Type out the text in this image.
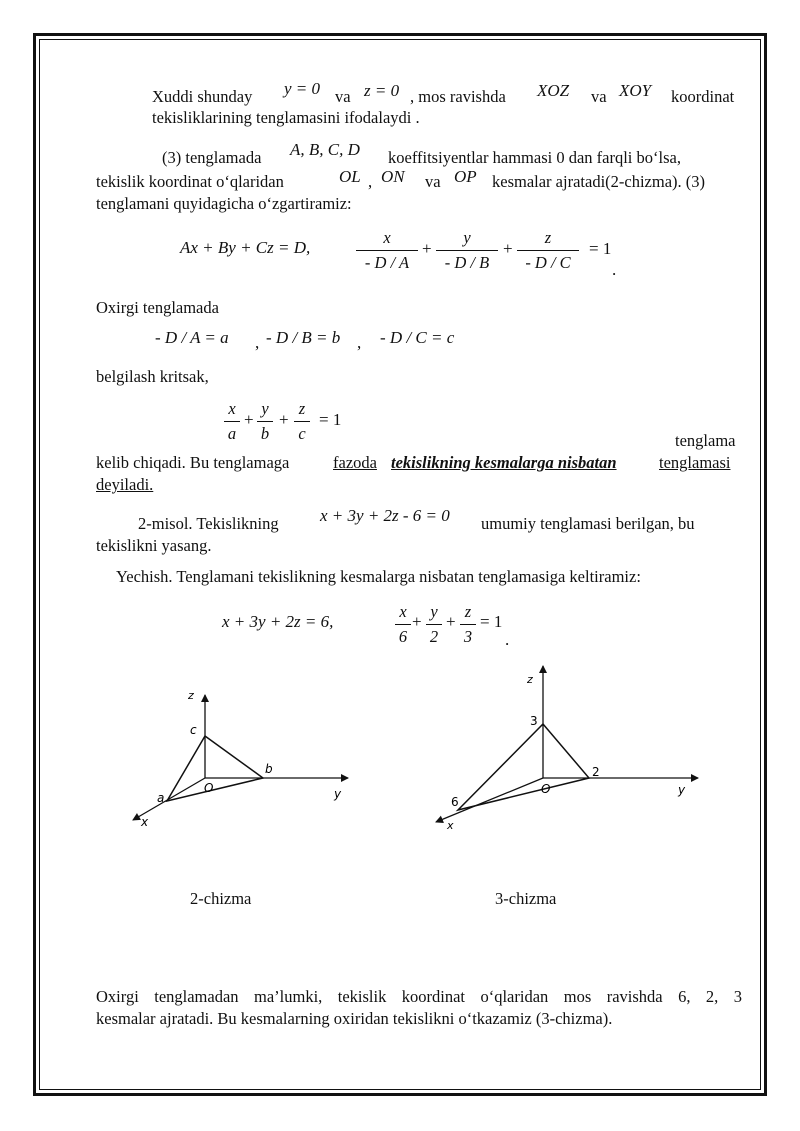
Xuddi shunday y = 0 va z = 0 , mos ravishda XOZ va XOY koordinat
tekisliklarining tenglamasini ifodalaydi .
(3) tenglamada A, B, C, D koeffitsiyentlar hammasi 0 dan farqli bo‘lsa,
tekislik koordinat o‘qlaridan	OL , ON va OP kesmalar ajratadi(2-chizma). (3)
tenglamani quyidagicha o‘zgartiramiz:
Ax + By + Cz = D,
x
- D / A
+
y
- D / B
+
z
- D / C
= 1
.
Oxirgi tenglamada
- D / A = a , - D / B = b , - D / C = c
belgilash kritsak,
x
a
+
y
b
+
z
c
= 1
tenglama
kelib chiqadi. Bu tenglamaga	fazoda tekislikning kesmalarga nisbatan	tenglamasi
deyiladi.
2-misol. Tekislikning x + 3y + 2z - 6 = 0 umumiy tenglamasi berilgan, bu
tekislikni yasang.
Yechish. Tenglamani tekislikning kesmalarga nisbatan tenglamasiga keltiramiz:
x + 3y + 2z = 6,
x
6
+
y
2
+
z
3
= 1
.
z
c
b
O	y
a
x
z
3
2
O	y
6
x
2-chizma	3-chizma
Oxirgi tenglamadan ma’lumki, tekislik koordinat o‘qlaridan mos ravishda 6, 2, 3
kesmalar ajratadi. Bu kesmalarning oxiridan tekislikni o‘tkazamiz (3-chizma).
